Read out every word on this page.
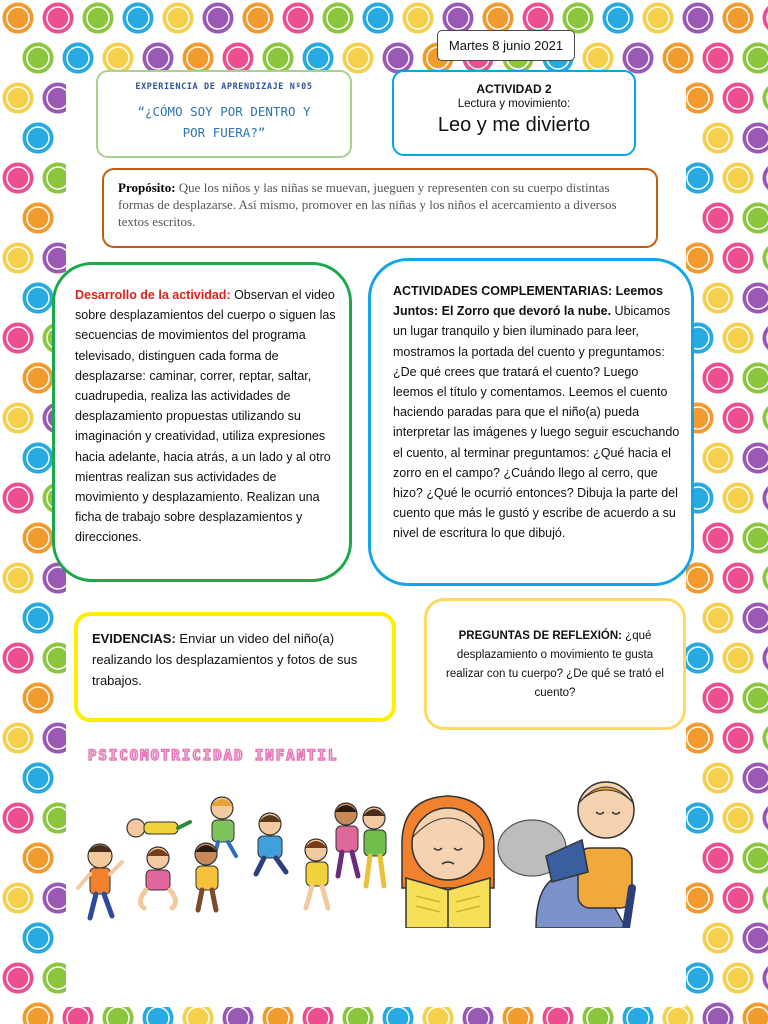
Martes 8 junio 2021
EXPERIENCIA DE APRENDIZAJE Nº05
“¿CÓMO SOY POR DENTRO Y
POR FUERA?”
ACTIVIDAD 2
Lectura y movimiento:
Leo y me divierto
Propósito: Que los niños y las niñas se muevan, jueguen y representen con su cuerpo distintas formas de desplazarse. Así mismo, promover en las niñas y los niños el acercamiento a diversos textos escritos.
Desarrollo de la actividad: Observan el video sobre desplazamientos del cuerpo o siguen las secuencias de movimientos del programa televisado, distinguen cada forma de desplazarse: caminar, correr, reptar, saltar, cuadrupedia, realiza las actividades de desplazamiento propuestas utilizando su imaginación y creatividad, utiliza expresiones hacia adelante, hacia atrás, a un lado y al otro mientras realizan sus actividades de movimiento y desplazamiento. Realizan una ficha de trabajo sobre desplazamientos y direcciones.
ACTIVIDADES COMPLEMENTARIAS: Leemos Juntos: El Zorro que devoró la nube. Ubicamos un lugar tranquilo y bien iluminado para leer, mostramos la portada del cuento y preguntamos: ¿De qué crees que tratará el cuento? Luego leemos el título y comentamos. Leemos el cuento haciendo paradas para que el niño(a) pueda interpretar las imágenes y luego seguir escuchando el cuento, al terminar preguntamos: ¿Qué hacia el zorro en el campo? ¿Cuándo llego al cerro, que hizo? ¿Qué le ocurrió entonces? Dibuja la parte del cuento que más le gustó y escribe de acuerdo a su nivel de escritura lo que dibujó.
EVIDENCIAS: Enviar un video del niño(a) realizando los desplazamientos y fotos de sus trabajos.
PREGUNTAS DE REFLEXIÓN: ¿qué desplazamiento o movimiento te gusta realizar con tu cuerpo? ¿De qué se trató el cuento?
PSICOMOTRICIDAD INFANTIL
